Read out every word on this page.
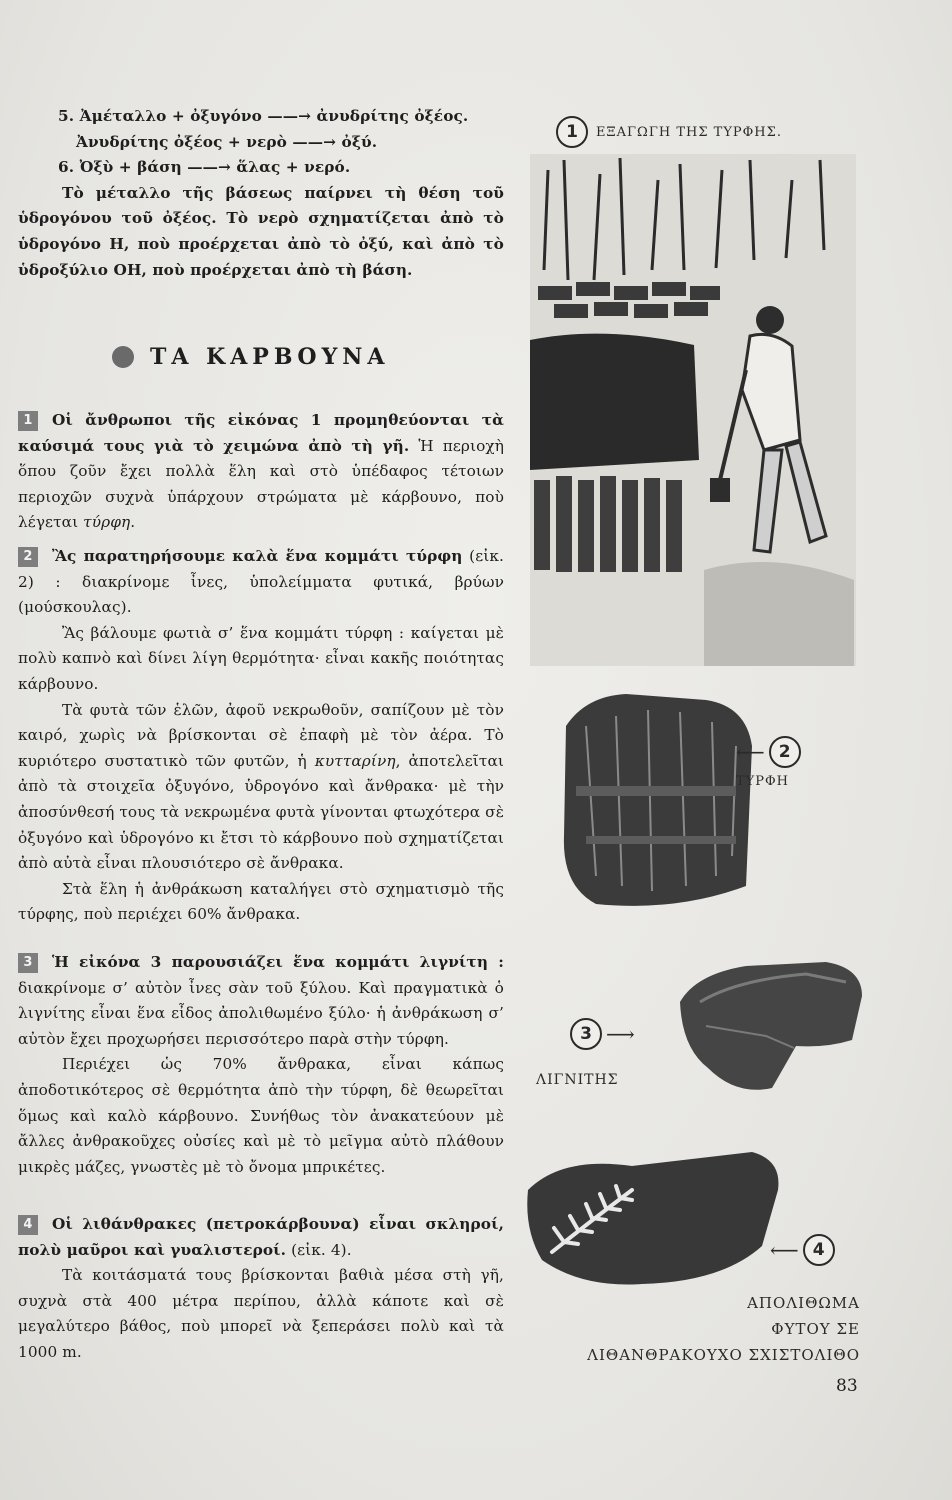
5. Ἀμέταλλο + ὀξυγόνο ——→ ἀνυδρίτης ὀξέος.

Ἀνυδρίτης ὀξέος + νερὸ ——→ ὀξύ.

6. Ὀξὺ + βάση ——→ ἅλας + νερό.

Τὸ μέταλλο τῆς βάσεως παίρνει τὴ θέση τοῦ ὑδρογόνου τοῦ ὀξέος. Τὸ νερὸ σχηματίζεται ἀπὸ τὸ ὑδρογόνο Η, ποὺ προέρχεται ἀπὸ τὸ ὀξύ, καὶ ἀπὸ τὸ ὑδροξύλιο ΟΗ, ποὺ προέρχεται ἀπὸ τὴ βάση.

ΤΑ ΚΑΡΒΟΥΝΑ

1 Οἱ ἄνθρωποι τῆς εἰκόνας 1 προμηθεύονται τὰ καύσιμά τους γιὰ τὸ χειμώνα ἀπὸ τὴ γῆ. Ἡ περιοχὴ ὅπου ζοῦν ἔχει πολλὰ ἕλη καὶ στὸ ὑπέδαφος τέτοιων περιοχῶν συχνὰ ὑπάρχουν στρώματα μὲ κάρβουνο, ποὺ λέγεται τύρφη.

2 Ἂς παρατηρήσουμε καλὰ ἕνα κομμάτι τύρφη (εἰκ. 2) : διακρίνομε ἶνες, ὑπολείμματα φυτικά, βρύων (μούσκουλας).

Ἂς βάλουμε φωτιὰ σ’ ἕνα κομμάτι τύρφη : καίγεται μὲ πολὺ καπνὸ καὶ δίνει λίγη θερμότητα· εἶναι κακῆς ποιότητας κάρβουνο.

Τὰ φυτὰ τῶν ἑλῶν, ἀφοῦ νεκρωθοῦν, σαπίζουν μὲ τὸν καιρό, χωρὶς νὰ βρίσκονται σὲ ἐπαφὴ μὲ τὸν ἀέρα. Τὸ κυριότερο συστατικὸ τῶν φυτῶν, ἡ κυτταρίνη, ἀποτελεῖται ἀπὸ τὰ στοιχεῖα ὀξυγόνο, ὑδρογόνο καὶ ἄνθρακα· μὲ τὴν ἀποσύνθεσή τους τὰ νεκρωμένα φυτὰ γίνονται φτωχότερα σὲ ὀξυγόνο καὶ ὑδρογόνο κι ἔτσι τὸ κάρβουνο ποὺ σχηματίζεται ἀπὸ αὐτὰ εἶναι πλουσιότερο σὲ ἄνθρακα.

Στὰ ἕλη ἡ ἀνθράκωση καταλήγει στὸ σχηματισμὸ τῆς τύρφης, ποὺ περιέχει 60% ἄνθρακα.

3 Ἡ εἰκόνα 3 παρουσιάζει ἕνα κομμάτι λιγνίτη : διακρίνομε σ’ αὐτὸν ἶνες σὰν τοῦ ξύλου. Καὶ πραγματικὰ ὁ λιγνίτης εἶναι ἕνα εἶδος ἀπολιθωμένο ξύλο· ἡ ἀνθράκωση σ’ αὐτὸν ἔχει προχωρήσει περισσότερο παρὰ στὴν τύρφη.

Περιέχει ὡς 70% ἄνθρακα, εἶναι κάπως ἀποδοτικότερος σὲ θερμότητα ἀπὸ τὴν τύρφη, δὲ θεωρεῖται ὅμως καὶ καλὸ κάρβουνο. Συνήθως τὸν ἀνακατεύουν μὲ ἄλλες ἀνθρακοῦχες οὐσίες καὶ μὲ τὸ μεῖγμα αὐτὸ πλάθουν μικρὲς μάζες, γνωστὲς μὲ τὸ ὄνομα μπρικέτες.

4 Οἱ λιθάνθρακες (πετροκάρβουνα) εἶναι σκληροί, πολὺ μαῦροι καὶ γυαλιστεροί. (εἰκ. 4).

Τὰ κοιτάσματά τους βρίσκονται βαθιὰ μέσα στὴ γῆ, συχνὰ στὰ 400 μέτρα περίπου, ἀλλὰ κάποτε καὶ σὲ μεγαλύτερο βάθος, ποὺ μπορεῖ νὰ ξεπεράσει πολὺ καὶ τὰ 1000 m.

1	ΕΞΑΓΩΓΗ ΤΗΣ ΤΥΡΦΗΣ.
⟵ 2
ΤΥΡΦΗ
3 ⟶
ΛΙΓΝΙΤΗΣ
⟵ 4
ΑΠΟΛΙΘΩΜΑ
ΦΥΤΟΥ ΣΕ
ΛΙΘΑΝΘΡΑΚΟΥΧΟ ΣΧΙΣΤΟΛΙΘΟ
83
